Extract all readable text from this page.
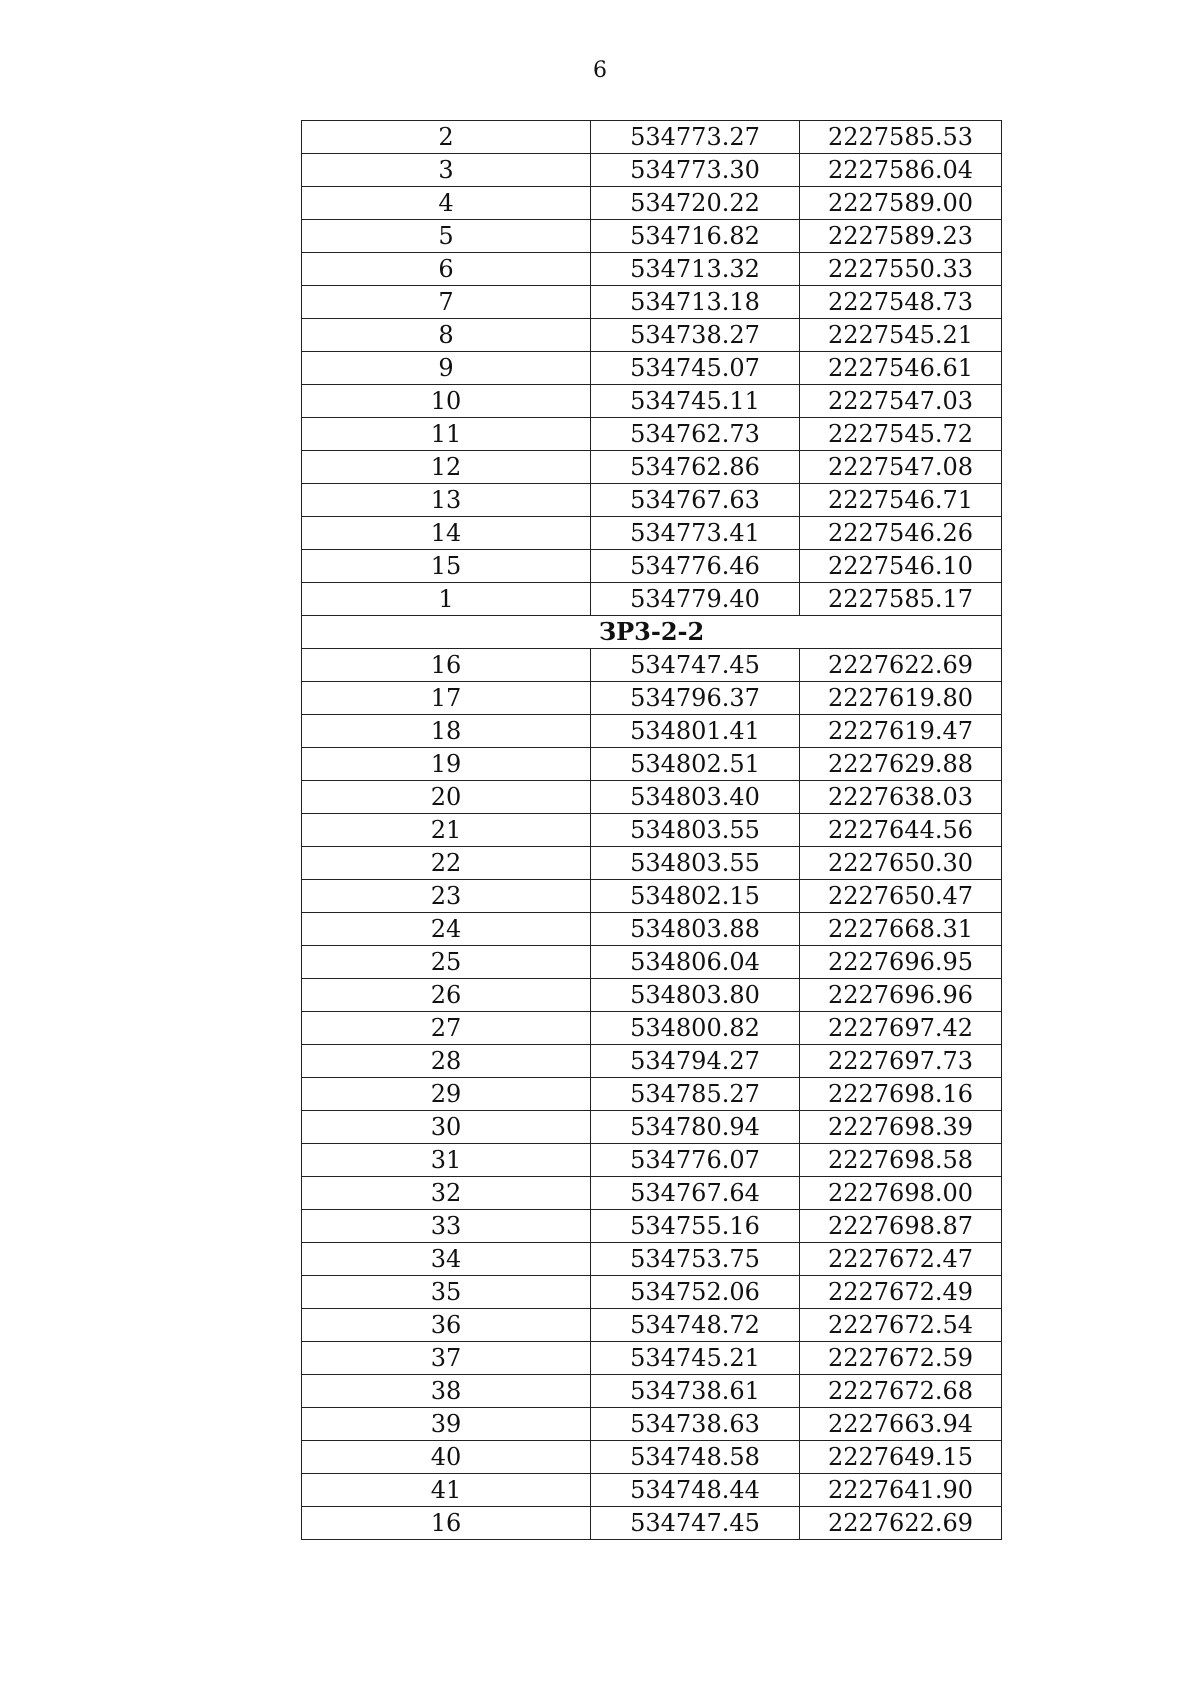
6
2	534773.27	2227585.53
3	534773.30	2227586.04
4	534720.22	2227589.00
5	534716.82	2227589.23
6	534713.32	2227550.33
7	534713.18	2227548.73
8	534738.27	2227545.21
9	534745.07	2227546.61
10	534745.11	2227547.03
11	534762.73	2227545.72
12	534762.86	2227547.08
13	534767.63	2227546.71
14	534773.41	2227546.26
15	534776.46	2227546.10
1	534779.40	2227585.17
ЗР3-2-2		
16	534747.45	2227622.69
17	534796.37	2227619.80
18	534801.41	2227619.47
19	534802.51	2227629.88
20	534803.40	2227638.03
21	534803.55	2227644.56
22	534803.55	2227650.30
23	534802.15	2227650.47
24	534803.88	2227668.31
25	534806.04	2227696.95
26	534803.80	2227696.96
27	534800.82	2227697.42
28	534794.27	2227697.73
29	534785.27	2227698.16
30	534780.94	2227698.39
31	534776.07	2227698.58
32	534767.64	2227698.00
33	534755.16	2227698.87
34	534753.75	2227672.47
35	534752.06	2227672.49
36	534748.72	2227672.54
37	534745.21	2227672.59
38	534738.61	2227672.68
39	534738.63	2227663.94
40	534748.58	2227649.15
41	534748.44	2227641.90
16	534747.45	2227622.69
